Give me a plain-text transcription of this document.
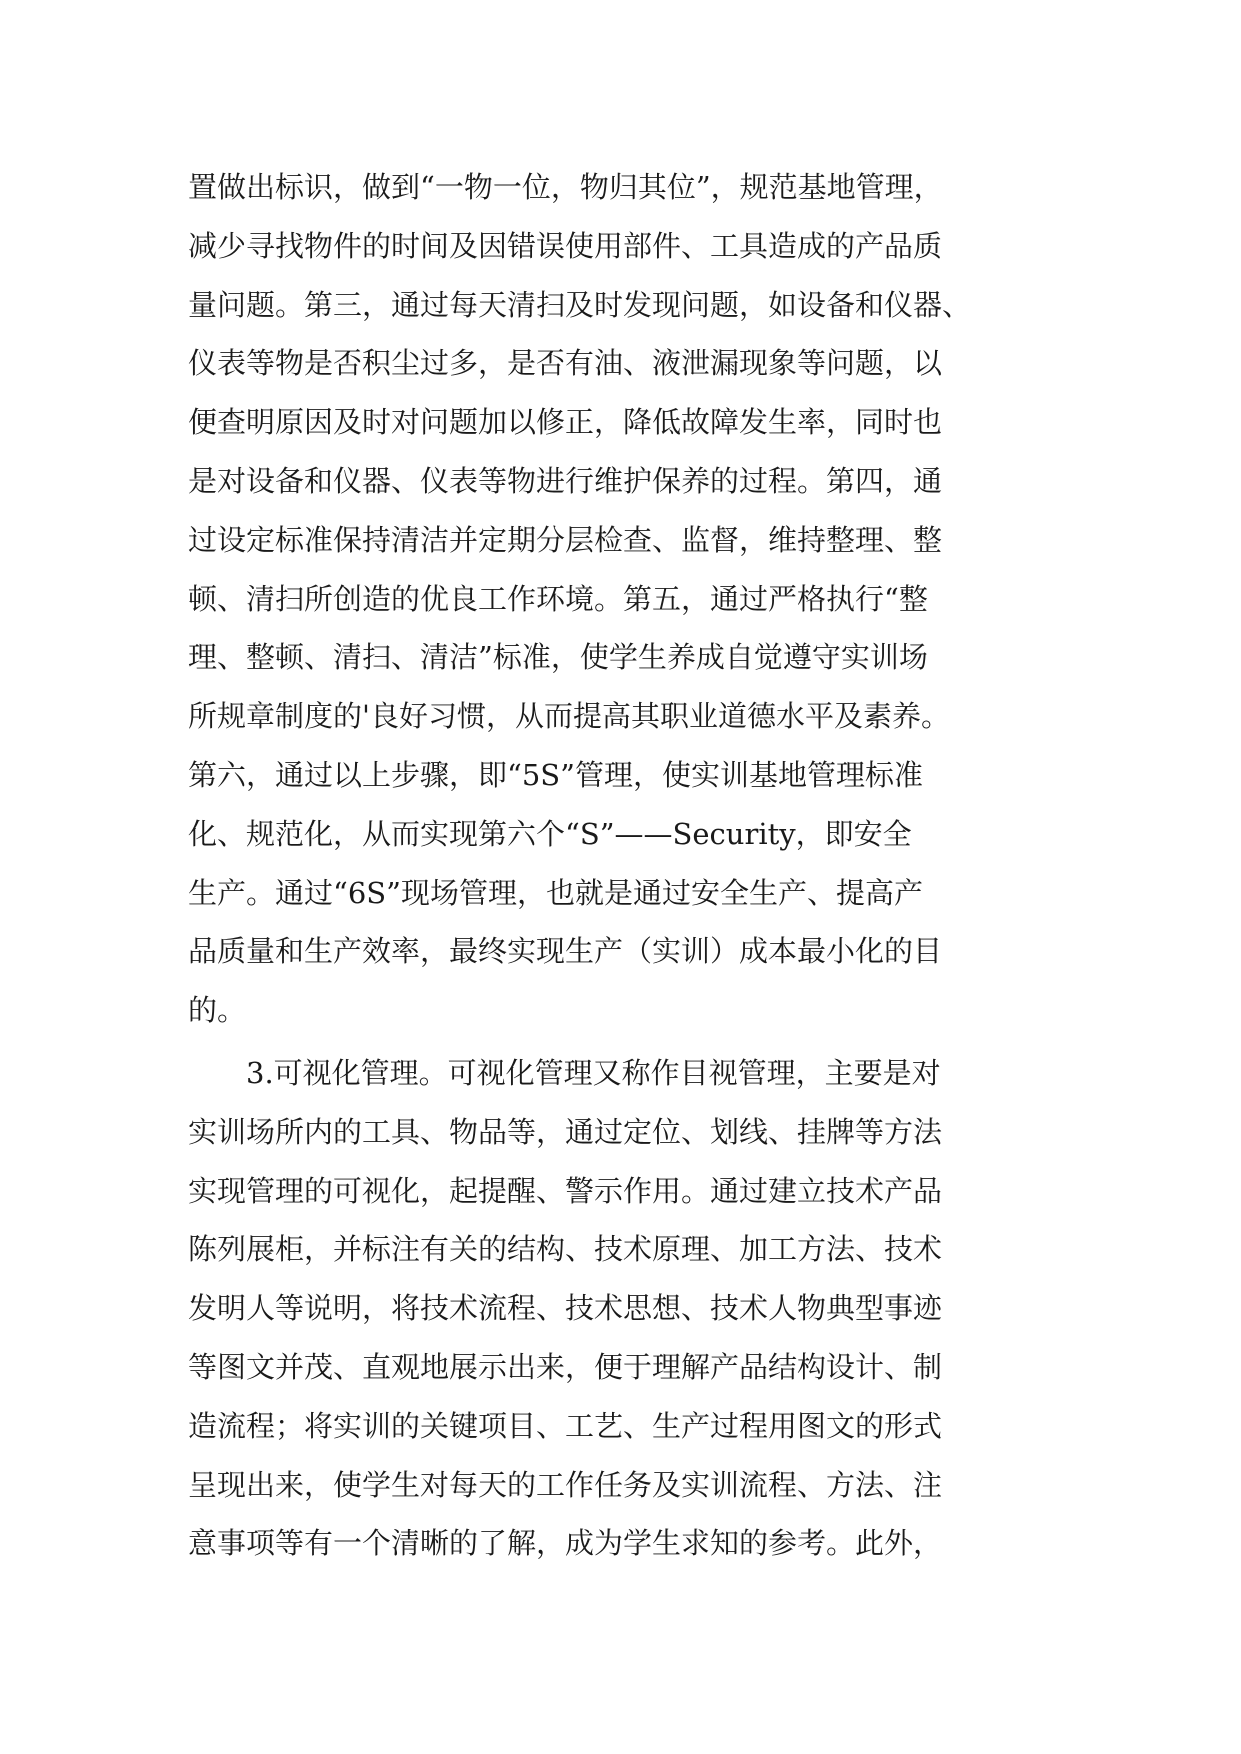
置做出标识，做到“一物一位，物归其位”，规范基地管理，
减少寻找物件的时间及因错误使用部件、工具造成的产品质
量问题。第三，通过每天清扫及时发现问题，如设备和仪器、
仪表等物是否积尘过多，是否有油、液泄漏现象等问题，以
便查明原因及时对问题加以修正，降低故障发生率，同时也
是对设备和仪器、仪表等物进行维护保养的过程。第四，通
过设定标准保持清洁并定期分层检查、监督，维持整理、整
顿、清扫所创造的优良工作环境。第五，通过严格执行“整
理、整顿、清扫、清洁”标准，使学生养成自觉遵守实训场
所规章制度的'良好习惯，从而提高其职业道德水平及素养。
第六，通过以上步骤，即“5S”管理，使实训基地管理标准
化、规范化，从而实现第六个“S”——Security，即安全
生产。通过“6S”现场管理，也就是通过安全生产、提高产
品质量和生产效率，最终实现生产（实训）成本最小化的目
的。
3.可视化管理。可视化管理又称作目视管理，主要是对
实训场所内的工具、物品等，通过定位、划线、挂牌等方法
实现管理的可视化，起提醒、警示作用。通过建立技术产品
陈列展柜，并标注有关的结构、技术原理、加工方法、技术
发明人等说明，将技术流程、技术思想、技术人物典型事迹
等图文并茂、直观地展示出来，便于理解产品结构设计、制
造流程；将实训的关键项目、工艺、生产过程用图文的形式
呈现出来，使学生对每天的工作任务及实训流程、方法、注
意事项等有一个清晰的了解，成为学生求知的参考。此外，
